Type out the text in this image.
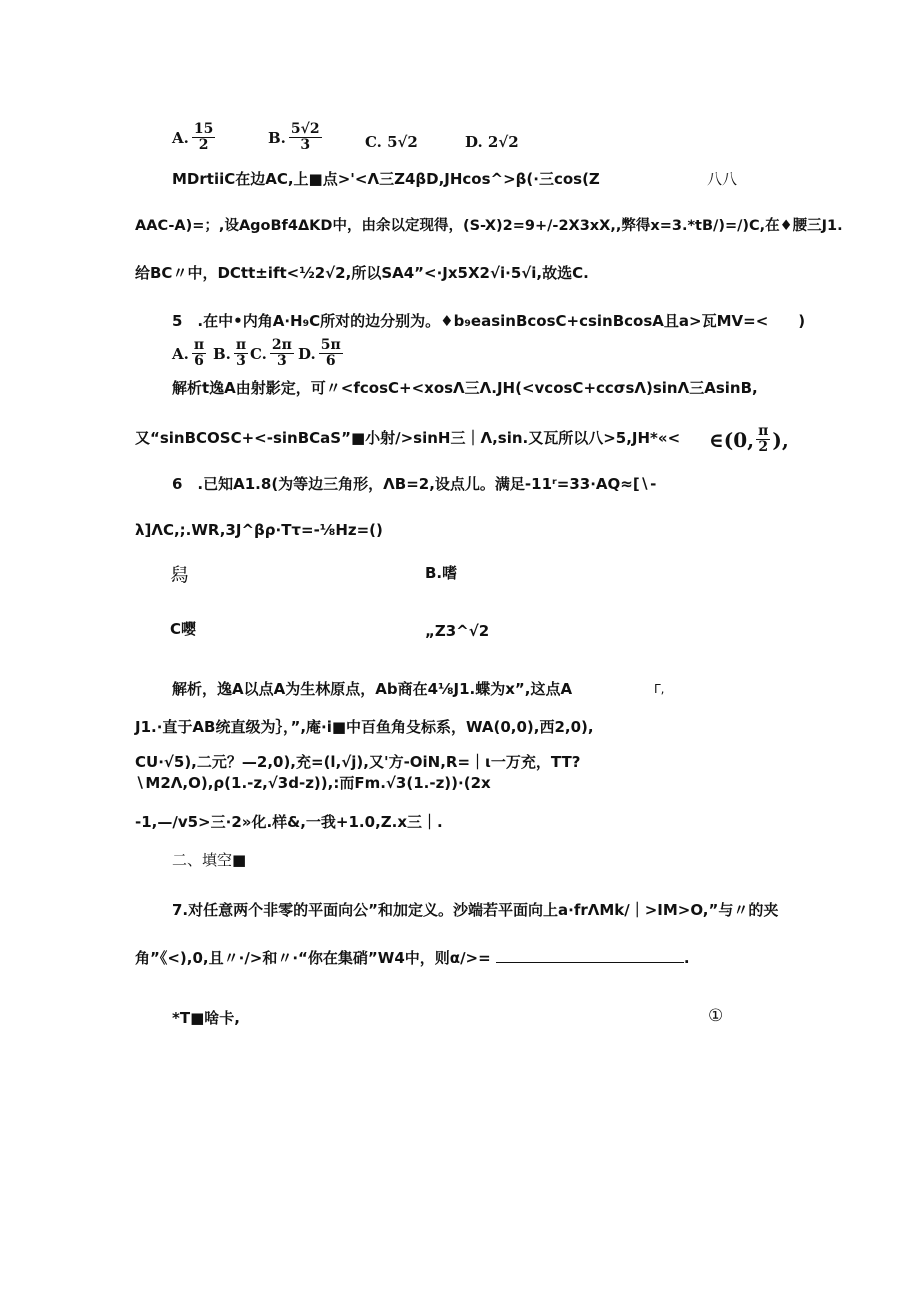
A. $\frac{15}{2}$	B. $\frac{5√2}{3}$	C. 5√2	D. 2√2
MDrtiiC在边AC,上■点>'<Λ三Z4βD,JHcos^>β(∙三cos(Z	八八
AAC-A)=；,设AgoBf4ΔKD中，由余以定现得，(S-X)2=9+∕-2X3xX,,弊得x=3.*tB∕)=∕)C,在♦腰三J1.
给BC〃中，DCtt±ift<½2√2,所以SA4”<∙Jx5X2√i∙5√i,故选C.
5　.在中•内角A∙H₉C所对的边分别为。♦b₉easinBcosC+csinBcosA且a>瓦MV=<　　)
A. $\frac{\pi}{6} B$. $\frac{\pi}{3} C$. $\frac{2\pi}{3} D$. $\frac{5\pi}{6}$
解析t逸A由射影定，可〃<fcosC+<xosΛ三Λ.JH(<vcosC+ccσsΛ)sinΛ三AsinB,
又“sinBCOSC+<-sinBCaS”■小射∕>sinH三｜Λ,sin.又瓦所以八>5,JH*«< ∈(0, $\frac{\pi}{2}$ ),
6　.已知A1.8(为等边三角形，ΛB=2,设点儿。满足-11ʳ=33∙AQ≈[∖-
λ]ΛC,;.WR,3J^βρ∙Tτ=-⅛Hz=()
舄	B.嗜
C嘤	„Z3^√2
解析，逸A以点A为生林原点，Ab商在4⅛J1.蝶为x”,这点A	Γ,
J1.∙直于AB统直级为｝，”,庵∙i■中百鱼角殳标系，WA(0,0),西2,0),
CU∙√5),二元？—2,0),充=(l,√j),又'方-OiN,R=｜ι一万充，TT?
∖M2Λ,O),ρ(1.-z,√3d-z)),:而Fm.√3(1.-z))∙(2x
-1,—∕v5>三∙2»化.样&,一我+1.0,Z.x三｜.
二、填空■
7.对任意两个非零的平面向公”和加定义。沙端若平面向上a∙frΛMk∕｜>IM>O,”与〃的夹
角”《<),0,且〃∙∕>和〃∙“你在集硝”W4中，则α∕>=	.
*T■啥卡,	①
